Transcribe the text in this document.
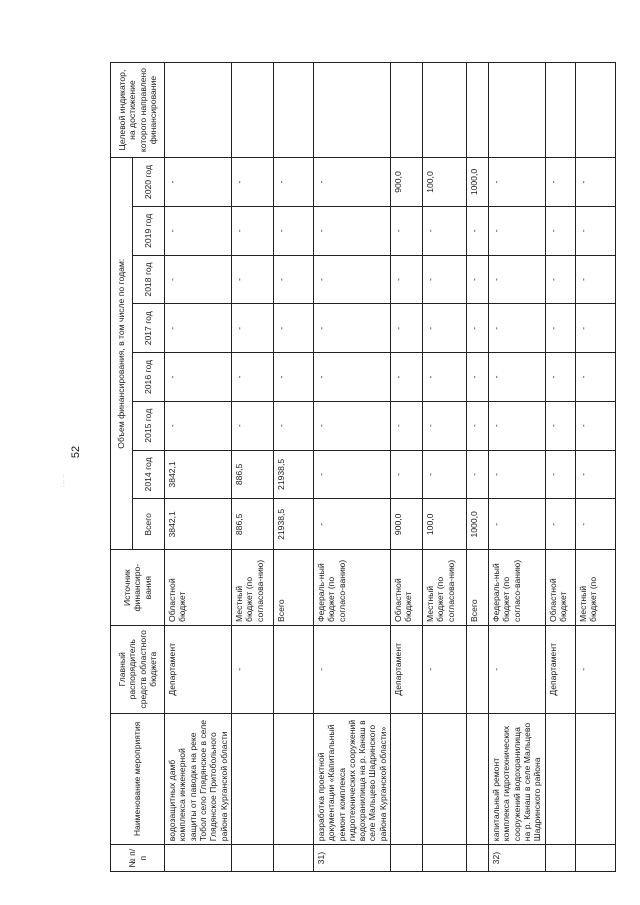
52
· ·· ··
№ п/п	Наименование мероприятия	Главный распорядитель средств областного бюджета	Источник финансиро-вания	Объем финансирования, в том числе по годам:								Целевой индикатор, на достижение которого направлено финансирование
				Всего	2014 год	2015 год	2016 год	2017 год	2018 год	2019 год	2020 год	
	водозащитных дамб комплекса инженерной защиты от паводка на реке Тобол село Глядянское в селе Глядянское Притобольного района Курганской области	Департамент	Областной бюджет	3842,1	3842,1	-	-	-	-	-	-	
		-	Местный бюджет (по согласова-нию)	886,5	886,5	-	-	-	-	-	-	
			Всего	21938,5	21938,5	-	-	-	-	-	-	
31)	разработка проектной документации «Капитальный ремонт комплекса гидротехнических сооружений водохранилища на р. Канаш в селе Мальцево Шадринского района Курганской области»	-	Федераль-ный бюджет (по согласо-ванию)	-	-	-	-	-	-	-	-	
		Департамент	Областной бюджет	900,0	-	-	-	-	-	-	900,0	
		-	Местный бюджет (по согласова-нию)	100,0	-	-	-	-	-	-	100,0	
			Всего	1000,0	-	-	-	-	-	-	1000,0	
32)	капитальный ремонт комплекса гидротехнических сооружений водохранилища на р. Канаш в селе Мальцево Шадринского района	-	Федераль-ный бюджет (по согласо-ванию)	-	-	-	-	-	-	-	-	
		Департамент	Областной бюджет	-	-	-	-	-	-	-	-	
		-	Местный бюджет (по	-	-	-	-	-	-	-	-	
